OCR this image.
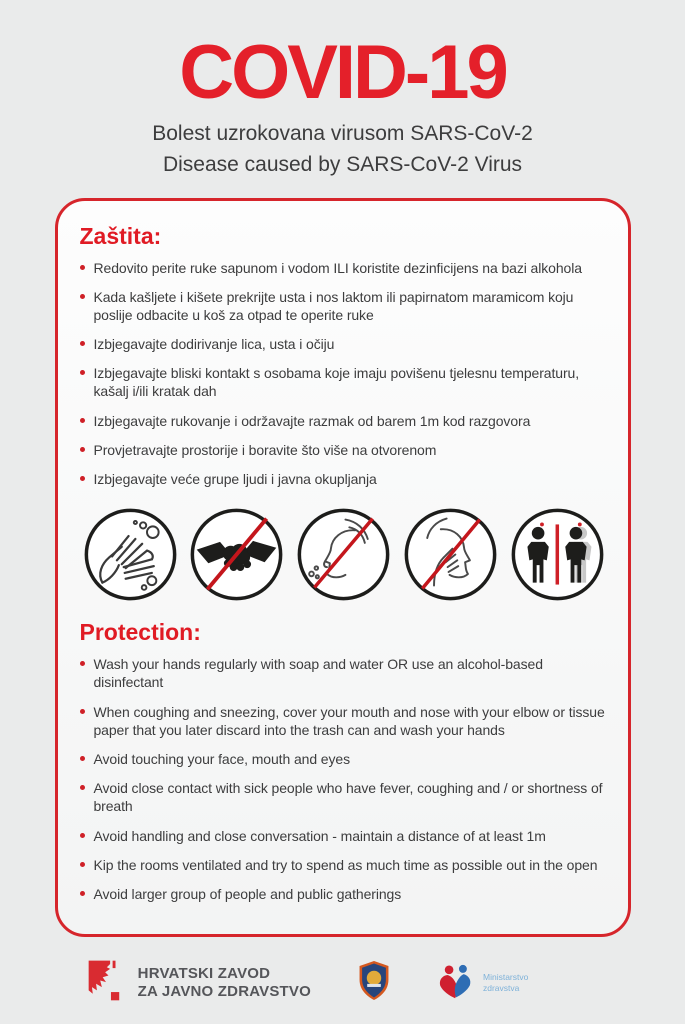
COVID-19

Bolest uzrokovana virusom SARS-CoV-2

Disease caused by SARS-CoV-2 Virus

Zaštita:
Redovito perite ruke sapunom i vodom ILI koristite dezinficijens na bazi alkohola
Kada kašljete i kišete prekrijte usta i nos laktom ili papirnatom maramicom koju poslije odbacite u koš za otpad te operite ruke
Izbjegavajte dodirivanje lica, usta i očiju
Izbjegavajte bliski kontakt s osobama koje imaju povišenu tjelesnu temperaturu, kašalj i/ili kratak dah
Izbjegavajte rukovanje i održavajte razmak od barem 1m kod razgovora
Provjetravajte prostorije i boravite što više na otvorenom
Izbjegavajte veće grupe ljudi i javna okupljanja
Protection:
Wash your hands regularly with soap and water OR use an alcohol-based disinfectant
When coughing and sneezing, cover your mouth and nose with your elbow or tissue paper that you later discard into the trash can and wash your hands
Avoid touching your face, mouth and eyes
Avoid close contact with sick people who have fever, coughing and / or shortness of breath
Avoid handling and close conversation - maintain a distance of at least 1m
Kip the rooms ventilated and try to spend as much time as possible out in the open
Avoid larger group of people and public gatherings
HRVATSKI ZAVOD
ZA JAVNO ZDRAVSTVO
Ministarstvo
zdravstva
